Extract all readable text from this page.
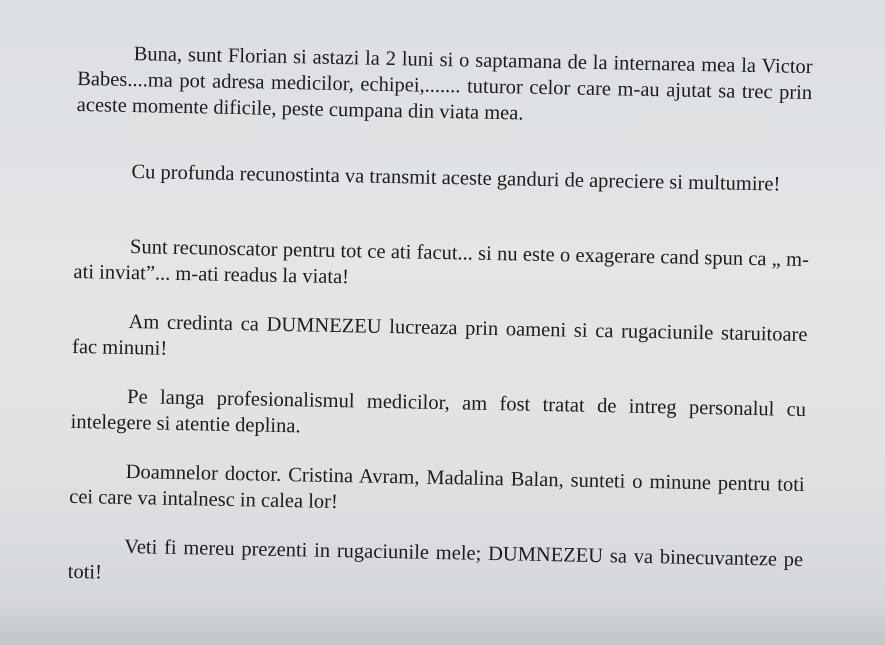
Buna, sunt Florian si astazi la 2 luni si o saptamana de la internarea mea la Victor Babes....ma pot adresa medicilor, echipei,....... tuturor celor care m-au ajutat sa trec prin aceste momente dificile, peste cumpana din viata mea.

Cu profunda recunostinta va transmit aceste ganduri de apreciere si multumire!

Sunt recunoscator pentru tot ce ati facut... si nu este o exagerare cand spun ca „ m-ati inviat”... m-ati readus la viata!

Am credinta ca DUMNEZEU lucreaza prin oameni si ca rugaciunile staruitoare fac minuni!

Pe langa profesionalismul medicilor, am fost tratat de intreg personalul cu intelegere si atentie deplina.

Doamnelor doctor. Cristina Avram, Madalina Balan, sunteti o minune pentru toti cei care va intalnesc in calea lor!

Veti fi mereu prezenti in rugaciunile mele; DUMNEZEU sa va binecuvanteze pe toti!
